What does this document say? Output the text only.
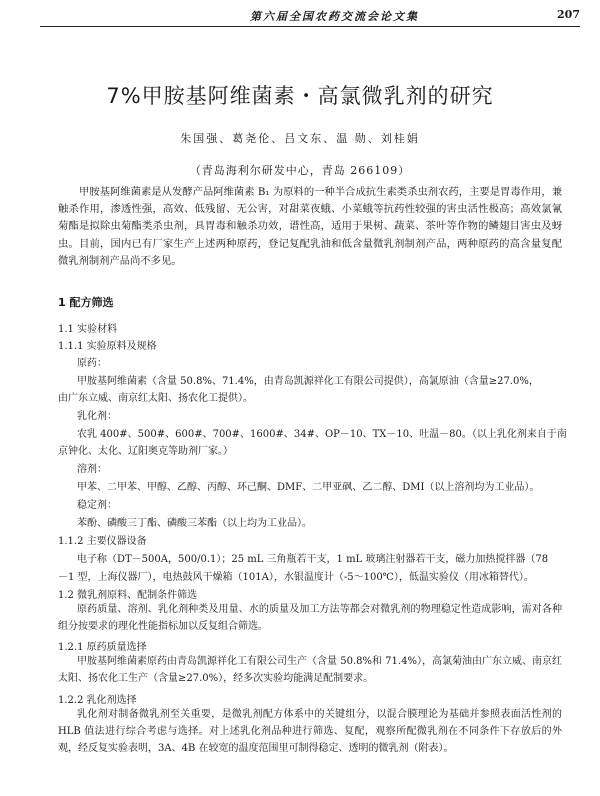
第六届全国农药交流会论文集	207
7%甲胺基阿维菌素・高氯微乳剂的研究
朱国强、葛尧伦、吕文东、温 勋、刘桂娟
（青岛海利尔研发中心，青岛 266109）

甲胺基阿维菌素是从发酵产品阿维菌素 B₁ 为原料的一种半合成抗生素类杀虫剂农药，主要是胃毒作用，兼触杀作用，渗透性强，高效、低残留、无公害，对甜菜夜蛾、小菜蛾等抗药性较强的害虫活性极高；高效氯氰菊酯是拟除虫菊酯类杀虫剂，具胃毒和触杀功效，谱性高，适用于果树、蔬菜、茶叶等作物的鳞翅目害虫及蚜虫。目前，国内已有厂家生产上述两种原药，登记复配乳油和低含量微乳剂制剂产品，两种原药的高含量复配微乳剂制剂产品尚不多见。

1 配方筛选
1.1 实验材料
1.1.1 实验原料及规格
原药：
甲胺基阿维菌素（含量 50.8%、71.4%，由青岛凯源祥化工有限公司提供），高氯原油（含量≥27.0%，
由广东立威、南京红太阳、扬农化工提供）。
乳化剂：
农乳 400#、500#、600#、700#、1600#、34#、OP－10、TX－10、吐温－80。（以上乳化剂来自于南
京钟化、太化、辽阳奥克等助剂厂家。）
溶剂：
甲苯、二甲苯、甲醇、乙醇、丙醇、环己酮、DMF、二甲亚砜、乙二醇、DMI（以上溶剂均为工业品）。
稳定剂：
苯酚、磷酸三丁酯、磷酸三苯酯（以上均为工业品）。
1.1.2 主要仪器设备
电子称（DT－500A，500/0.1）；25 mL 三角瓶若干支，1 mL 玻璃注射器若干支，磁力加热搅拌器（78
－1 型，上海仪器厂），电热鼓风干燥箱（101A），水银温度计（-5～100℃），低温实验仪（用冰箱替代）。
1.2 微乳剂原料、配制条件筛选

原药质量、溶剂、乳化剂种类及用量、水的质量及加工方法等都会对微乳剂的物理稳定性造成影响，需对各种组分按要求的理化性能指标加以反复组合筛选。

1.2.1 原药质量选择

甲胺基阿维菌素原药由青岛凯源祥化工有限公司生产（含量 50.8%和 71.4%），高氯菊油由广东立威、南京红太阳、扬农化工生产（含量≥27.0%），经多次实验均能满足配制要求。

1.2.2 乳化剂选择

乳化剂对制备微乳剂至关重要，是微乳剂配方体系中的关键组分，以混合膜理论为基础并参照表面活性剂的 HLB 值法进行综合考虑与选择。对上述乳化剂品种进行筛选、复配，观察所配微乳剂在不同条件下存放后的外观，经反复实验表明，3A、4B 在较宽的温度范围里可制得稳定、透明的微乳剂（附表）。
